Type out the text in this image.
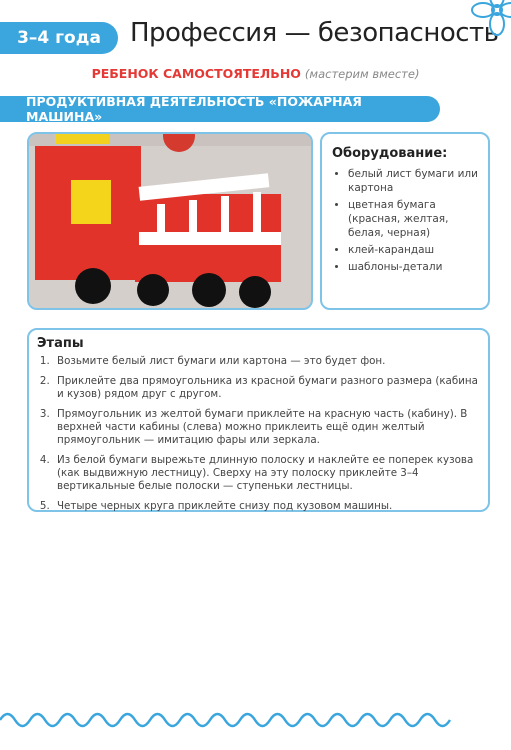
3–4 года Профессия — безопасность
РЕБЕНОК САМОСТОЯТЕЛЬНО (мастерим вместе)
ПРОДУКТИВНАЯ ДЕЯТЕЛЬНОСТЬ «ПОЖАРНАЯ МАШИНА»
Оборудование:
• белый лист бумаги или картона
• цветная бумага (красная, желтая, белая, черная)
• клей-карандаш
• шаблоны-детали
Этапы
1. Возьмите белый лист бумаги или картона — это будет фон.
2. Приклейте два прямоугольника из красной бумаги разного размера (кабина и кузов) рядом друг с другом.
3. Прямоугольник из желтой бумаги приклейте на красную часть (кабину). В верхней части кабины (слева) можно приклеить ещё один желтый прямоугольник — имитацию фары или зеркала.
4. Из белой бумаги вырежьте длинную полоску и наклейте ее поперек кузова (как выдвижную лестницу). Сверху на эту полоску приклейте 3–4 вертикальные белые полоски — ступеньки лестницы.
5. Четыре черных круга приклейте снизу под кузовом машины.
